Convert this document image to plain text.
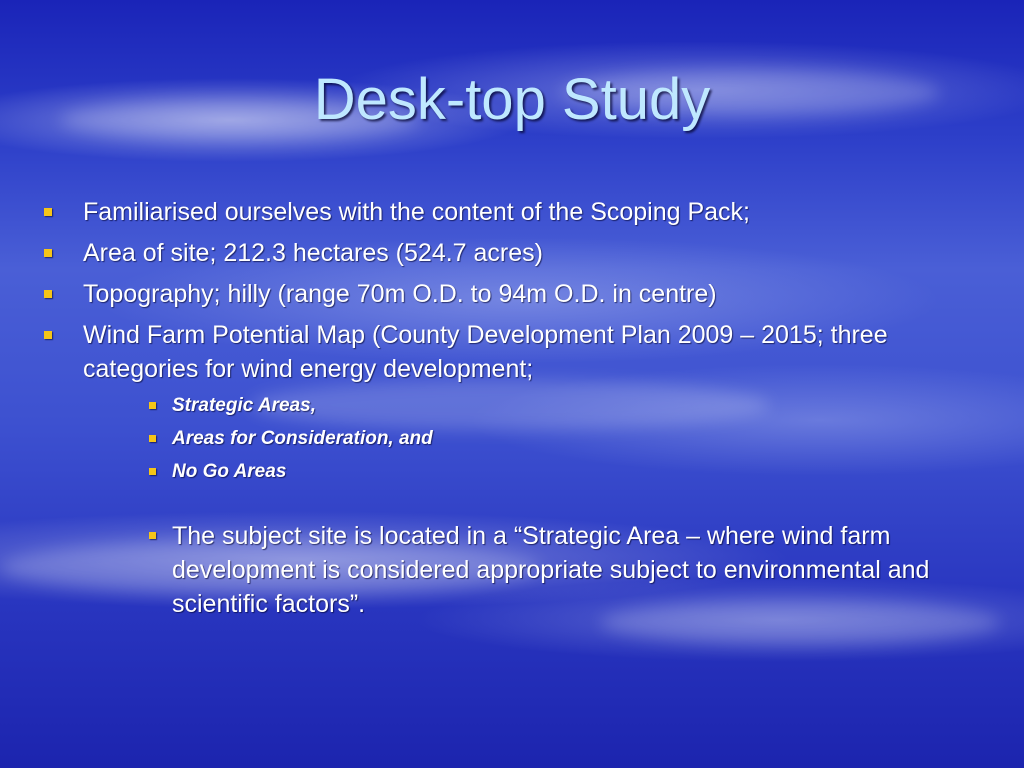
Desk-top Study
Familiarised ourselves with the content of the Scoping Pack;
Area of site; 212.3 hectares (524.7 acres)
Topography; hilly (range 70m O.D. to 94m O.D. in centre)
Wind Farm Potential Map (County Development Plan 2009 – 2015; three categories for wind energy development;
Strategic Areas,
Areas for Consideration, and
No Go Areas
The subject site is located in a “Strategic Area – where wind farm development is considered appropriate subject to environmental and scientific factors”.
